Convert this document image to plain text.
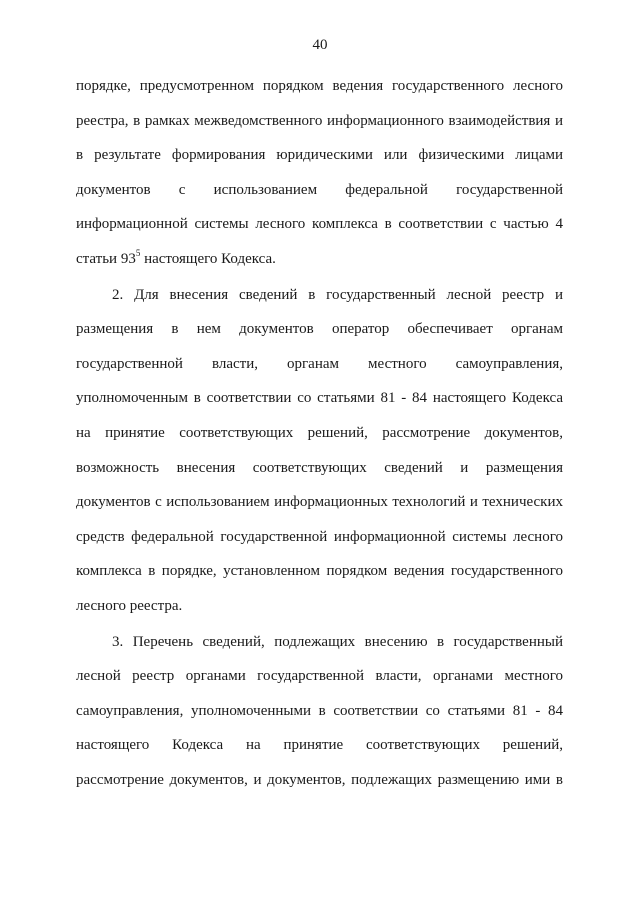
40
порядке, предусмотренном порядком ведения государственного лесного
реестра, в рамках межведомственного информационного взаимодействия и
в результате формирования юридическими или физическими лицами
документов с использованием федеральной государственной
информационной системы лесного комплекса в соответствии с частью 4
статьи $93^5$ настоящего Кодекса.
2. Для внесения сведений в государственный лесной реестр и
размещения в нем документов оператор обеспечивает органам
государственной власти, органам местного самоуправления,
уполномоченным в соответствии со статьями 81 - 84 настоящего Кодекса
на принятие соответствующих решений, рассмотрение документов,
возможность внесения соответствующих сведений и размещения
документов с использованием информационных технологий и технических
средств федеральной государственной информационной системы лесного
комплекса в порядке, установленном порядком ведения государственного
лесного реестра.
3. Перечень сведений, подлежащих внесению в государственный
лесной реестр органами государственной власти, органами местного
самоуправления, уполномоченными в соответствии со статьями 81 - 84
настоящего Кодекса на принятие соответствующих решений,
рассмотрение документов, и документов, подлежащих размещению ими в
